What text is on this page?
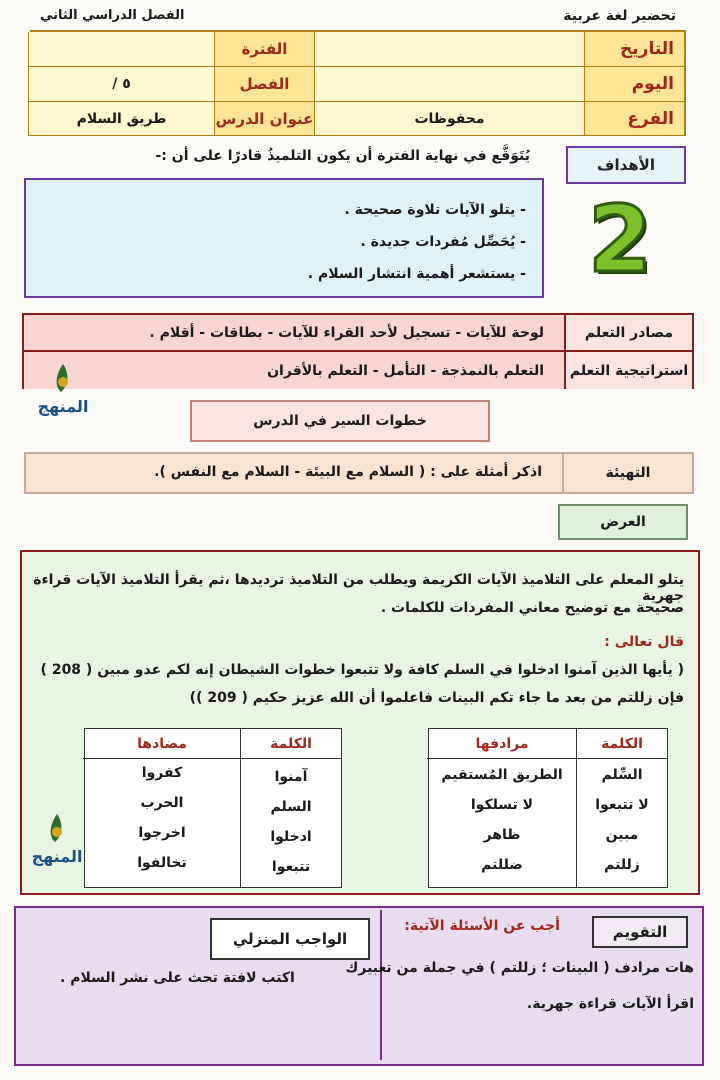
تحضير لغة عربية
الفصل الدراسي الثاني
التاريخ
الفترة
اليوم
الفصل
٥ /
الفرع
محفوظات
عنوان الدرس
طريق السلام
الأهداف
يُتَوَقَّع في نهاية الفترة أن يكون التلميذُ قادرًا على أن :-
- يتلو الآيات تلاوة صحيحة .
- يُحَصِّل مُفردات جديدة .
- يستشعر أهمية انتشار السلام . 2
مصادر التعلم
لوحة للآيات - تسجيل لأحد القراء للآيات - بطاقات - أقلام .
استراتيجية التعلم
التعلم بالنمذجة - التأمل - التعلم بالأقران
المنهج
خطوات السير في الدرس
التهيئة
اذكر أمثلة على : ( السلام مع البيئة - السلام مع النفس ).
العرض
يتلو المعلم على التلاميذ الآيات الكريمة ويطلب من التلاميذ ترديدها ،ثم يقرأ التلاميذ الآيات قراءة جهرية
صحيحة مع توضيح معاني المفردات للكلمات .
قال تعالى :
( يأيها الذين آمنوا ادخلوا في السلم كافة ولا تتبعوا خطوات الشيطان إنه لكم عدو مبين ( 208 )
فإن زللتم من بعد ما جاء تكم البينات فاعلموا أن الله عزيز حكيم ( 209 ))
الكلمة
مرادفها
السِّلم
لا تتبعوا
مبين
زللتم
الطريق المُستقيم
لا تسلكوا
ظاهر
ضللتم
الكلمة
مضادها
آمنوا
السلم
ادخلوا
تتبعوا
كفروا
الحرب
اخرجوا
تخالفوا
المنهج
التقويم
أجب عن الأسئلة الآتية:
هات مرادف ( البينات ؛ زللتم ) في جملة من تعبيرك
اقرأ الآيات قراءة جهرية.
الواجب المنزلي
اكتب لافتة تحث على نشر السلام .
